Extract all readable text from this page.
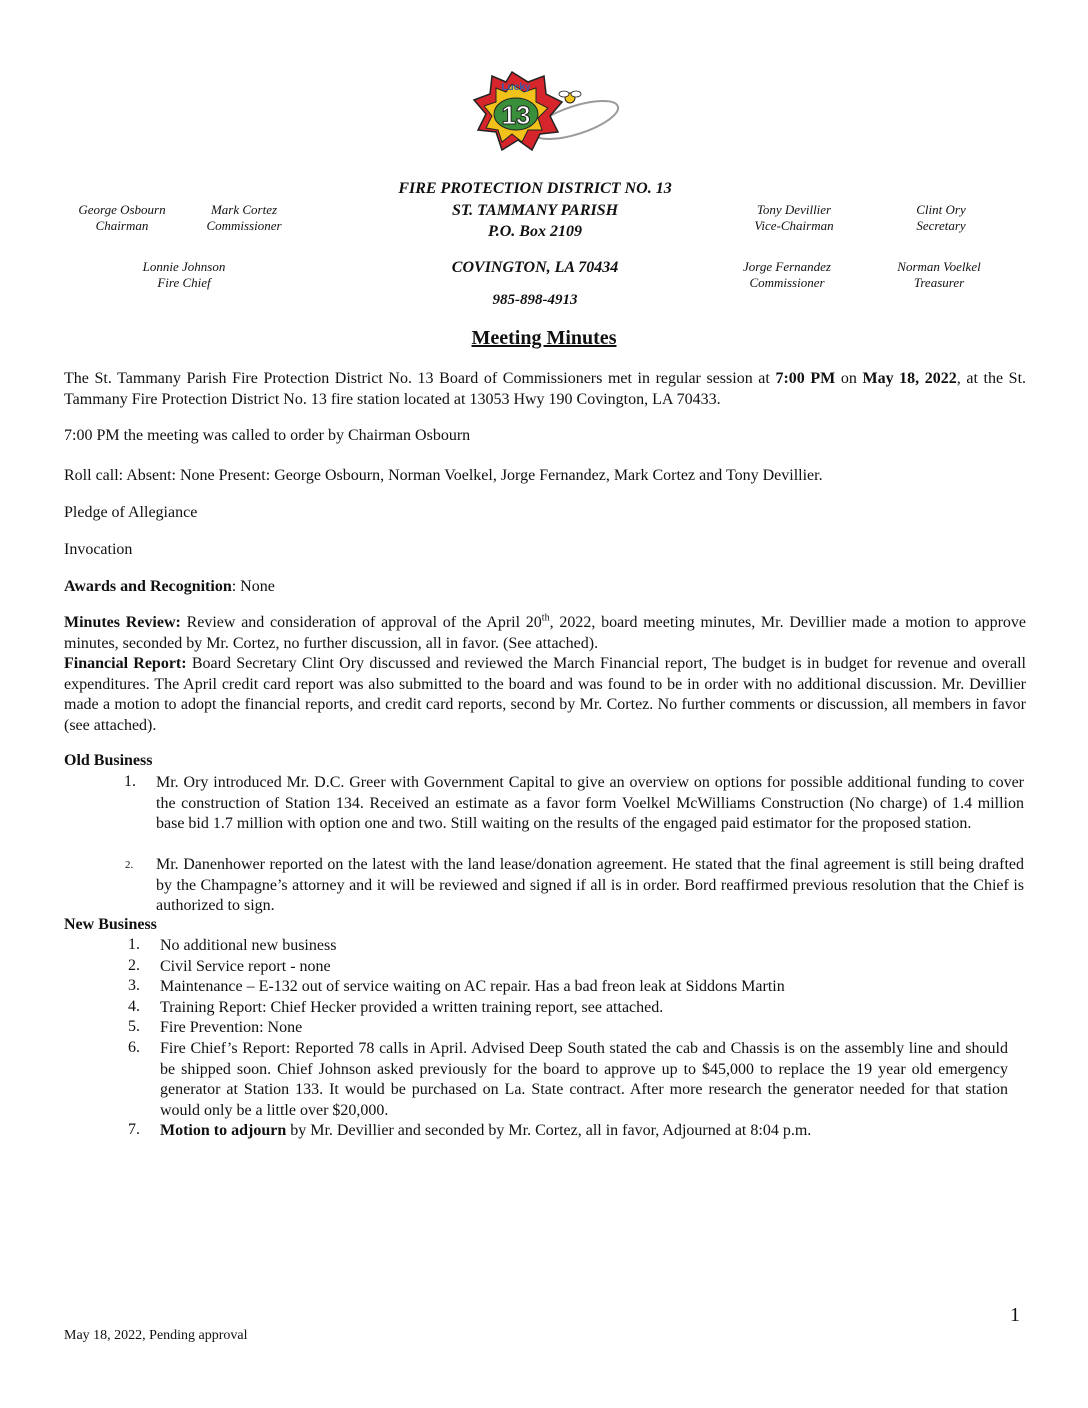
13
Lucky
FIRE PROTECTION DISTRICT NO. 13
ST. TAMMANY PARISH
P.O. Box 2109
COVINGTON, LA 70434
985-898-4913
George Osbourn
Chairman
Mark Cortez
Commissioner
Lonnie Johnson
Fire Chief
Tony Devillier
Vice-Chairman
Clint Ory
Secretary
Jorge Fernandez
Commissioner
Norman Voelkel
Treasurer
Meeting Minutes
The St. Tammany Parish Fire Protection District No. 13 Board of Commissioners met in regular session at 7:00 PM on May 18, 2022, at the St. Tammany Fire Protection District No. 13 fire station located at 13053 Hwy 190 Covington, LA 70433.
7:00 PM the meeting was called to order by Chairman Osbourn
Roll call: Absent: None Present: George Osbourn, Norman Voelkel, Jorge Fernandez, Mark Cortez and Tony Devillier.
Pledge of Allegiance
Invocation
Awards and Recognition: None
Minutes Review: Review and consideration of approval of the April 20th, 2022, board meeting minutes, Mr. Devillier made a motion to approve minutes, seconded by Mr. Cortez, no further discussion, all in favor. (See attached).
Financial Report: Board Secretary Clint Ory discussed and reviewed the March Financial report, The budget is in budget for revenue and overall expenditures. The April credit card report was also submitted to the board and was found to be in order with no additional discussion. Mr. Devillier made a motion to adopt the financial reports, and credit card reports, second by Mr. Cortez. No further comments or discussion, all members in favor (see attached).
Old Business
1. Mr. Ory introduced Mr. D.C. Greer with Government Capital to give an overview on options for possible additional funding to cover the construction of Station 134. Received an estimate as a favor form Voelkel McWilliams Construction (No charge) of 1.4 million base bid 1.7 million with option one and two. Still waiting on the results of the engaged paid estimator for the proposed station.
2. Mr. Danenhower reported on the latest with the land lease/donation agreement. He stated that the final agreement is still being drafted by the Champagne’s attorney and it will be reviewed and signed if all is in order. Bord reaffirmed previous resolution that the Chief is authorized to sign.
New Business
1. No additional new business
2. Civil Service report - none
3. Maintenance – E-132 out of service waiting on AC repair. Has a bad freon leak at Siddons Martin
4. Training Report: Chief Hecker provided a written training report, see attached.
5. Fire Prevention: None
6. Fire Chief’s Report: Reported 78 calls in April. Advised Deep South stated the cab and Chassis is on the assembly line and should be shipped soon. Chief Johnson asked previously for the board to approve up to $45,000 to replace the 19 year old emergency generator at Station 133. It would be purchased on La. State contract. After more research the generator needed for that station would only be a little over $20,000.
7. Motion to adjourn by Mr. Devillier and seconded by Mr. Cortez, all in favor, Adjourned at 8:04 p.m.
1
May 18, 2022, Pending approval
